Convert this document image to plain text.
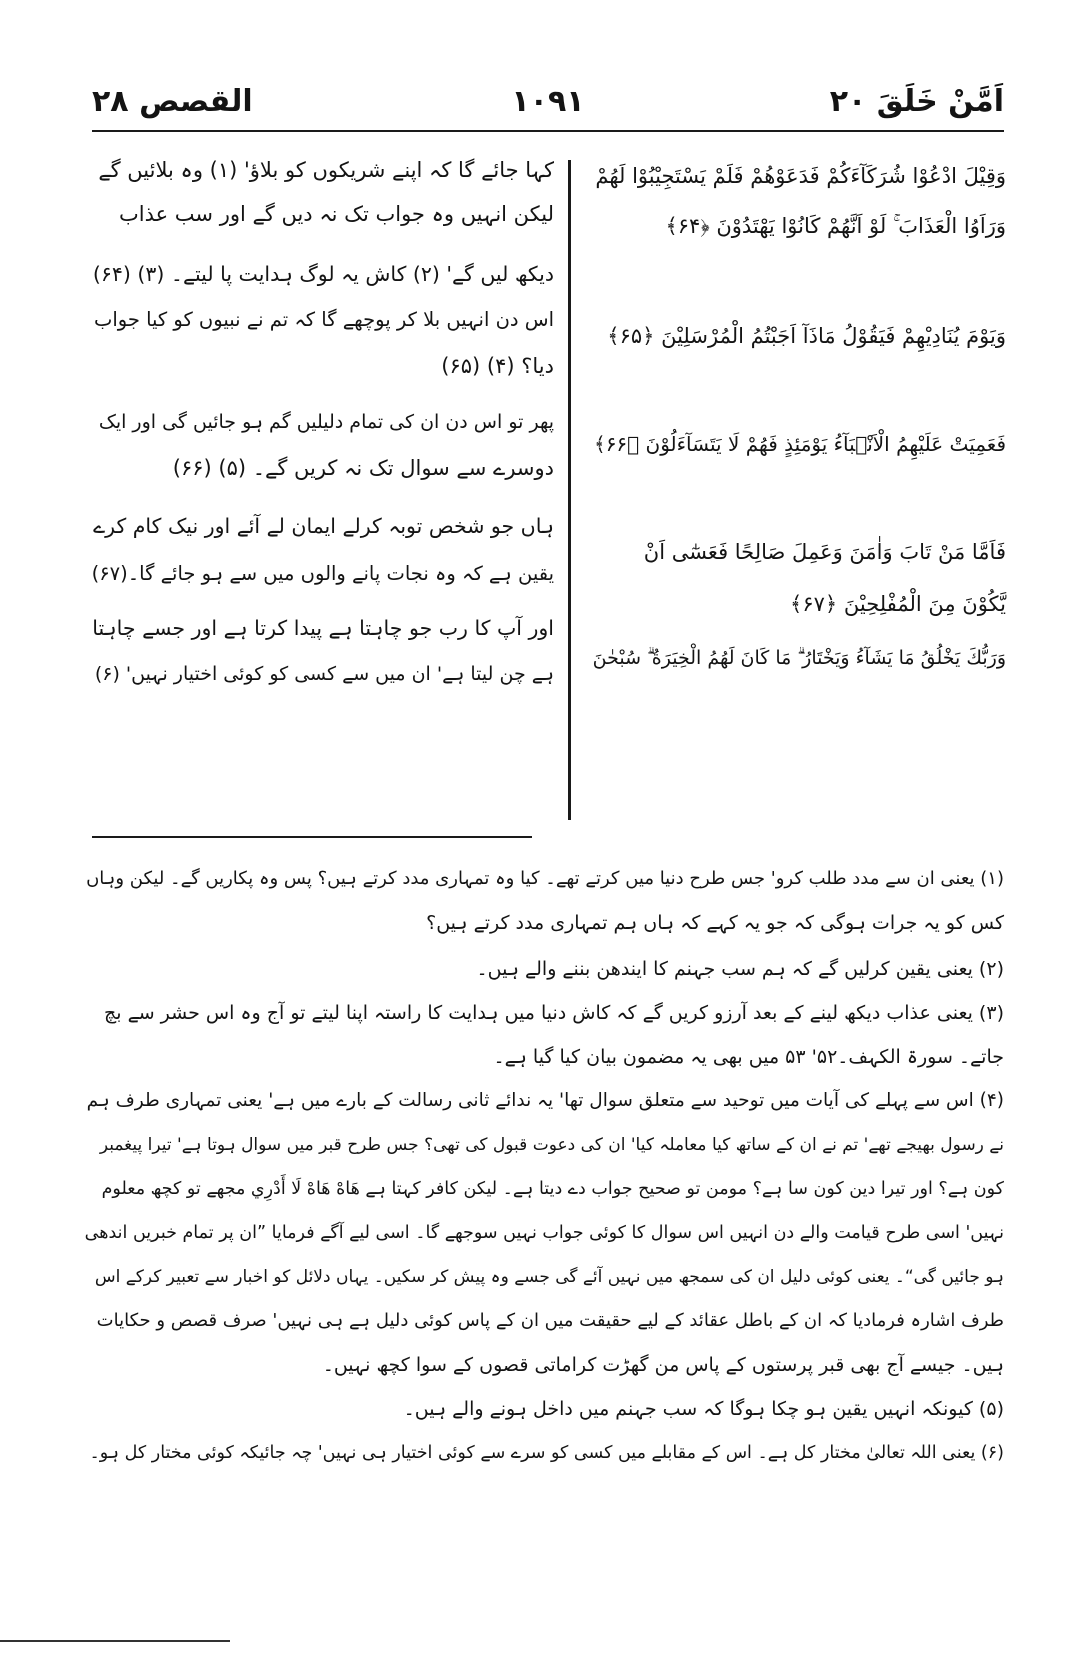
اَمَّنْ خَلَقَ ۲۰
۱۰۹۱
القصص ۲۸
وَقِيْلَ ادْعُوْا شُرَكَآءَكُمْ فَدَعَوْهُمْ فَلَمْ يَسْتَجِيْبُوْا لَهُمْ
وَرَاَوُا الْعَذَابَ ۚ لَوْ اَنَّهُمْ كَانُوْا يَهْتَدُوْنَ ﴿۶۴﴾
وَيَوْمَ يُنَادِيْهِمْ فَيَقُوْلُ مَاذَآ اَجَبْتُمُ الْمُرْسَلِيْنَ ﴿۶۵﴾
فَعَمِيَتْ عَلَيْهِمُ الْاَنْۢبَآءُ يَوْمَئِذٍ فَهُمْ لَا يَتَسَآءَلُوْنَ ﴿۶۶﴾
فَاَمَّا مَنْ تَابَ وَاٰمَنَ وَعَمِلَ صَالِحًا فَعَسٰٓى اَنْ
يَّكُوْنَ مِنَ الْمُفْلِحِيْنَ ﴿۶۷﴾
وَرَبُّكَ يَخْلُقُ مَا يَشَآءُ وَيَخْتَارُ ۗ مَا كَانَ لَهُمُ الْخِيَرَةُ ۗ سُبْحٰنَ
کہا جائے گا کہ اپنے شریکوں کو بلاؤ' (۱) وہ بلائیں گے
لیکن انہیں وہ جواب تک نہ دیں گے اور سب عذاب
دیکھ لیں گے' (۲) کاش یہ لوگ ہدایت پا لیتے۔ (۳) (۶۴)
اس دن انہیں بلا کر پوچھے گا کہ تم نے نبیوں کو کیا جواب
دیا؟ (۴) (۶۵)
پھر تو اس دن ان کی تمام دلیلیں گم ہو جائیں گی اور ایک
دوسرے سے سوال تک نہ کریں گے۔ (۵) (۶۶)
ہاں جو شخص توبہ کرلے ایمان لے آئے اور نیک کام کرے
یقین ہے کہ وہ نجات پانے والوں میں سے ہو جائے گا۔(۶۷)
اور آپ کا رب جو چاہتا ہے پیدا کرتا ہے اور جسے چاہتا
ہے چن لیتا ہے' ان میں سے کسی کو کوئی اختیار نہیں' (۶)
(۱) یعنی ان سے مدد طلب کرو' جس طرح دنیا میں کرتے تھے۔ کیا وہ تمہاری مدد کرتے ہیں؟ پس وہ پکاریں گے۔ لیکن وہاں
کس کو یہ جرات ہوگی کہ جو یہ کہے کہ ہاں ہم تمہاری مدد کرتے ہیں؟
(۲) یعنی یقین کرلیں گے کہ ہم سب جہنم کا ایندھن بننے والے ہیں۔
(۳) یعنی عذاب دیکھ لینے کے بعد آرزو کریں گے کہ کاش دنیا میں ہدایت کا راستہ اپنا لیتے تو آج وہ اس حشر سے بچ
جاتے۔ سورۃ الکہف۔۵۲' ۵۳ میں بھی یہ مضمون بیان کیا گیا ہے۔
(۴) اس سے پہلے کی آیات میں توحید سے متعلق سوال تھا' یہ ندائے ثانی رسالت کے بارے میں ہے' یعنی تمہاری طرف ہم
نے رسول بھیجے تھے' تم نے ان کے ساتھ کیا معاملہ کیا' ان کی دعوت قبول کی تھی؟ جس طرح قبر میں سوال ہوتا ہے' تیرا پیغمبر
کون ہے؟ اور تیرا دین کون سا ہے؟ مومن تو صحیح جواب دے دیتا ہے۔ لیکن کافر کہتا ہے هَاهْ هَاهْ لَا أَدْرِي مجھے تو کچھ معلوم
نہیں' اسی طرح قیامت والے دن انہیں اس سوال کا کوئی جواب نہیں سوجھے گا۔ اسی لیے آگے فرمایا ”ان پر تمام خبریں اندھی
ہو جائیں گی“۔ یعنی کوئی دلیل ان کی سمجھ میں نہیں آئے گی جسے وہ پیش کر سکیں۔ یہاں دلائل کو اخبار سے تعبیر کرکے اس
طرف اشارہ فرمادیا کہ ان کے باطل عقائد کے لیے حقیقت میں ان کے پاس کوئی دلیل ہے ہی نہیں' صرف قصص و حکایات
ہیں۔ جیسے آج بھی قبر پرستوں کے پاس من گھڑت کراماتی قصوں کے سوا کچھ نہیں۔
(۵) کیونکہ انہیں یقین ہو چکا ہوگا کہ سب جہنم میں داخل ہونے والے ہیں۔
(۶) یعنی اللہ تعالیٰ مختار کل ہے۔ اس کے مقابلے میں کسی کو سرے سے کوئی اختیار ہی نہیں' چہ جائیکہ کوئی مختار کل ہو۔
